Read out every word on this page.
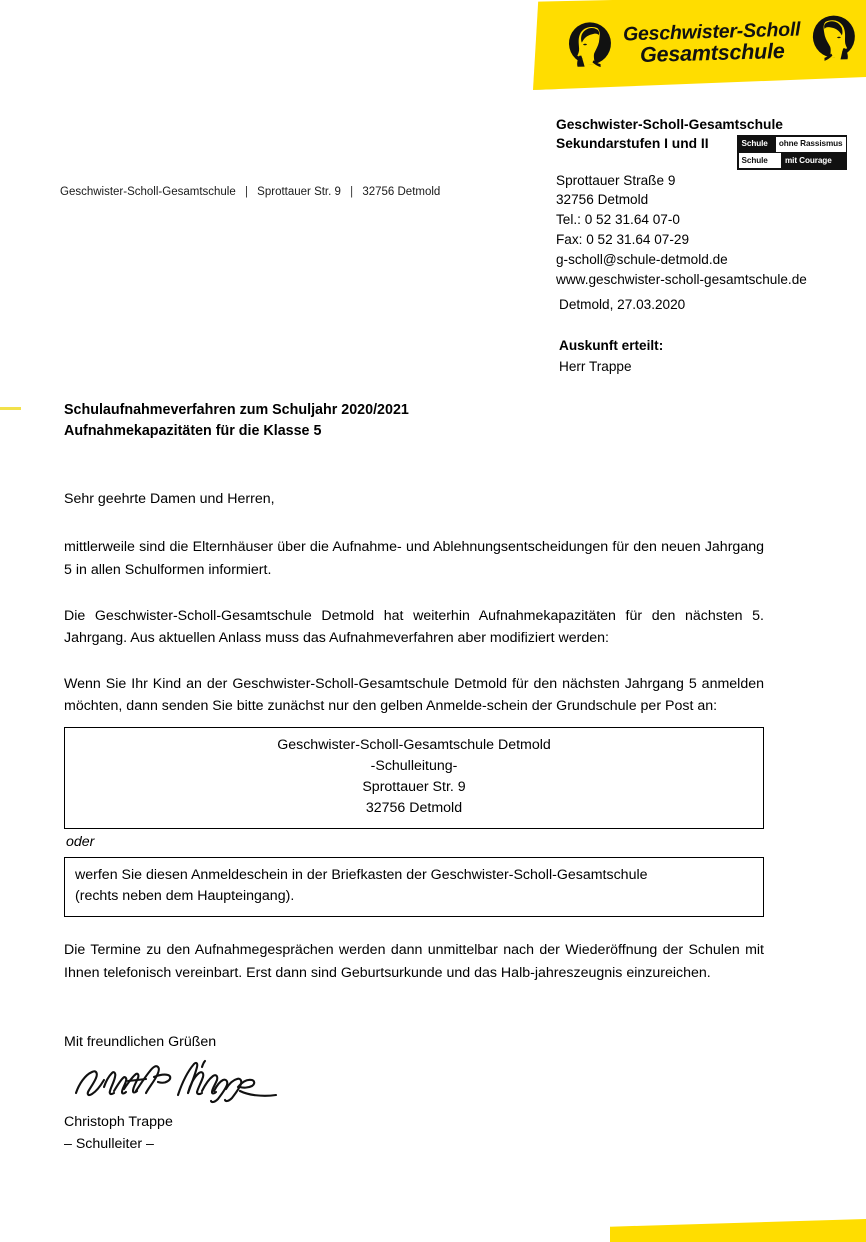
Geschwister-Scholl
Gesamtschule
Geschwister-Scholl-Gesamtschule
Sekundarstufen I und II	Schule	ohne Rassismus
Schule	mit Courage
Sprottauer Straße 9
32756 Detmold
Tel.: 0 52 31.64 07-0
Fax: 0 52 31.64 07-29
g-scholl@schule-detmold.de
www.geschwister-scholl-gesamtschule.de
Detmold, 27.03.2020
Auskunft erteilt:
Herr Trappe
Geschwister-Scholl-Gesamtschule | Sprottauer Str. 9 | 32756 Detmold
Schulaufnahmeverfahren zum Schuljahr 2020/2021
Aufnahmekapazitäten für die Klasse 5

Sehr geehrte Damen und Herren,

mittlerweile sind die Elternhäuser über die Aufnahme- und Ablehnungsentscheidungen für den neuen Jahrgang 5 in allen Schulformen informiert.

Die Geschwister-Scholl-Gesamtschule Detmold hat weiterhin Aufnahmekapazitäten für den nächsten 5. Jahrgang. Aus aktuellen Anlass muss das Aufnahmeverfahren aber modifiziert werden:

Wenn Sie Ihr Kind an der Geschwister-Scholl-Gesamtschule Detmold für den nächsten Jahrgang 5 anmelden möchten, dann senden Sie bitte zunächst nur den gelben Anmelde-schein der Grundschule per Post an:

Geschwister-Scholl-Gesamtschule Detmold
-Schulleitung-
Sprottauer Str. 9
32756 Detmold
oder
werfen Sie diesen Anmeldeschein in der Briefkasten der Geschwister-Scholl-Gesamtschule
(rechts neben dem Haupteingang).

Die Termine zu den Aufnahmegesprächen werden dann unmittelbar nach der Wiederöffnung der Schulen mit Ihnen telefonisch vereinbart. Erst dann sind Geburtsurkunde und das Halb-jahreszeugnis einzureichen.

Mit freundlichen Grüßen
Christoph Trappe
– Schulleiter –
